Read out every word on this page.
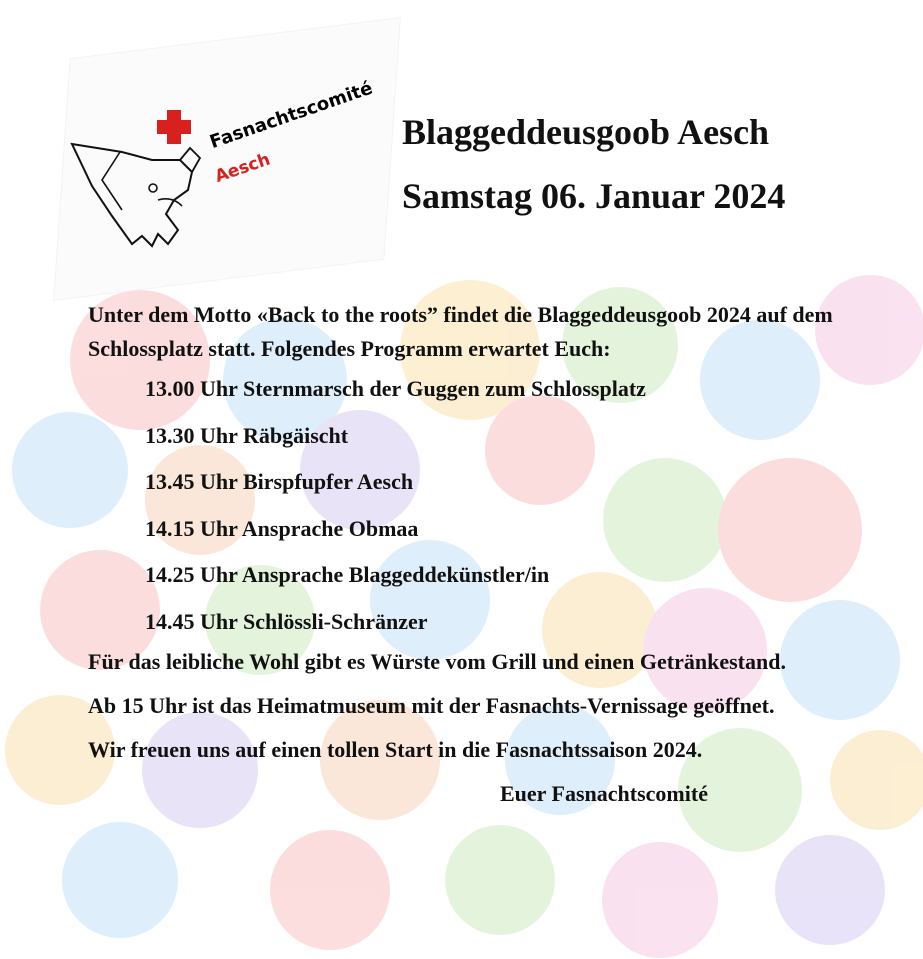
Fasnachtscomité
Aesch
Blaggeddeusgoob Aesch
Samstag 06. Januar 2024

Unter dem Motto «Back to the roots” findet die Blaggeddeusgoob 2024 auf dem Schlossplatz statt. Folgendes Programm erwartet Euch:

13.00 Uhr Sternmarsch der Guggen zum Schlossplatz
13.30 Uhr Räbgäischt
13.45 Uhr Birspfupfer Aesch
14.15 Uhr Ansprache Obmaa
14.25 Uhr Ansprache Blaggeddekünstler/in
14.45 Uhr Schlössli-Schränzer

Für das leibliche Wohl gibt es Würste vom Grill und einen Getränkestand.

Ab 15 Uhr ist das Heimatmuseum mit der Fasnachts-Vernissage geöffnet.

Wir freuen uns auf einen tollen Start in die Fasnachtssaison 2024.

Euer Fasnachtscomité
